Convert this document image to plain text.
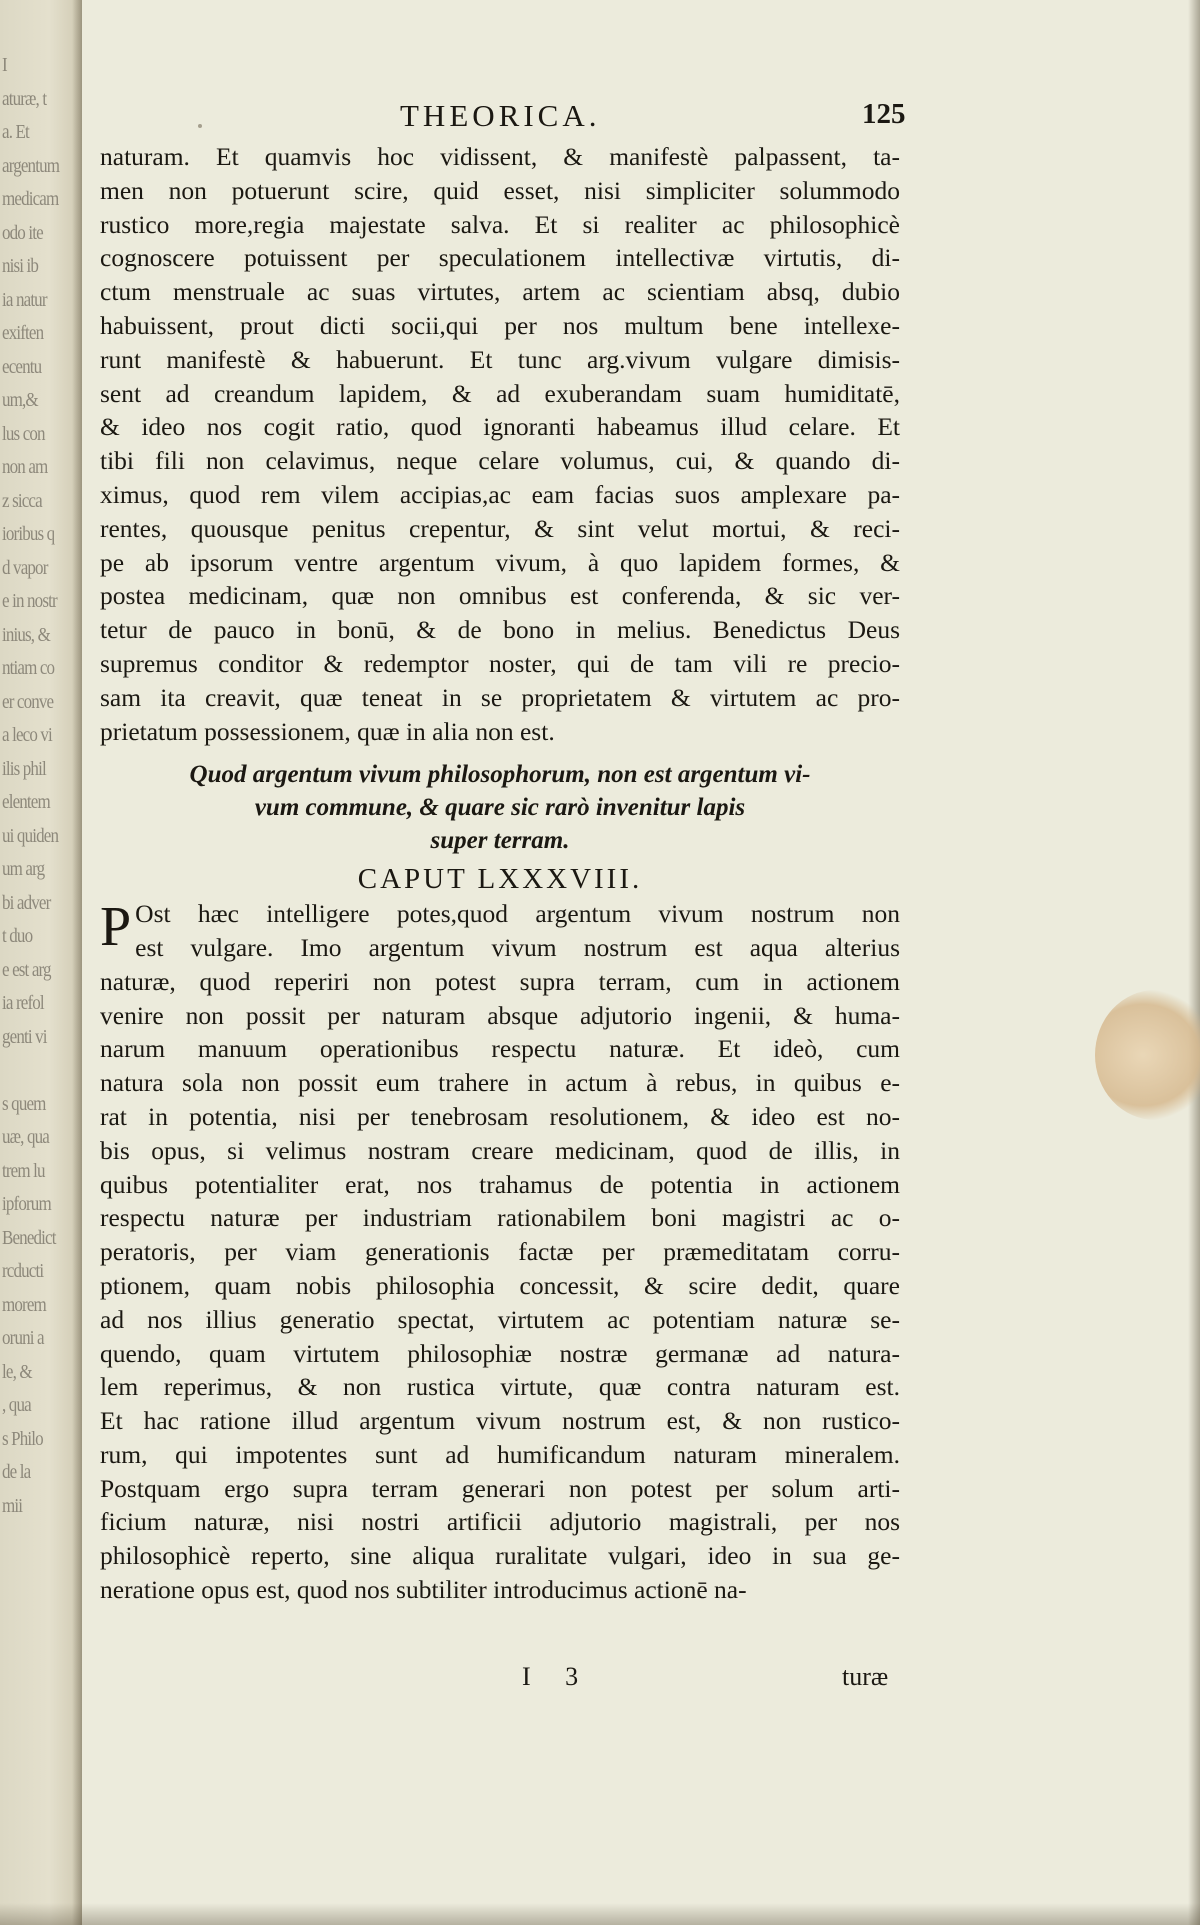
I
aturæ, t
a. Et
argentum
medicam
odo ite
nisi ib
ia natur
exiften
ecentu
um,&
lus con
non am
z sicca
ioribus q
d vapor
e in nostr
inius, &
ntiam co
er conve
a leco vi
ilis phil
elentem
ui quiden
um arg
bi adver
t duo
e est arg
ia refol
genti vi
s quem
uæ, qua
trem lu
ipforum
Benedict
rcducti
morem
oruni a
le, &
, qua
s Philo
de la
mii
THEORICA.	125
naturam. Et quamvis hoc vidissent, & manifestè palpassent, ta-
men non potuerunt scire, quid esset, nisi simpliciter solummodo
rustico more,regia majestate salva. Et si realiter ac philosophicè
cognoscere potuissent per speculationem intellectivæ virtutis, di-
ctum menstruale ac suas virtutes, artem ac scientiam absq, dubio
habuissent, prout dicti socii,qui per nos multum bene intellexe-
runt manifestè & habuerunt. Et tunc arg.vivum vulgare dimisis-
sent ad creandum lapidem, & ad exuberandam suam humiditatē,
& ideo nos cogit ratio, quod ignoranti habeamus illud celare. Et
tibi fili non celavimus, neque celare volumus, cui, & quando di-
ximus, quod rem vilem accipias,ac eam facias suos amplexare pa-
rentes, quousque penitus crepentur, & sint velut mortui, & reci-
pe ab ipsorum ventre argentum vivum, à quo lapidem formes, &
postea medicinam, quæ non omnibus est conferenda, & sic ver-
tetur de pauco in bonū, & de bono in melius. Benedictus Deus
supremus conditor & redemptor noster, qui de tam vili re precio-
sam ita creavit, quæ teneat in se proprietatem & virtutem ac pro-
prietatum possessionem, quæ in alia non est.
Quod argentum vivum philosophorum, non est argentum vi-
vum commune, & quare sic rarò invenitur lapis
super terram.
CAPUT LXXXVIII.
P Ost hæc intelligere potes,quod argentum vivum nostrum non
est vulgare. Imo argentum vivum nostrum est aqua alterius
naturæ, quod reperiri non potest supra terram, cum in actionem
venire non possit per naturam absque adjutorio ingenii, & huma-
narum manuum operationibus respectu naturæ. Et ideò, cum
natura sola non possit eum trahere in actum à rebus, in quibus e-
rat in potentia, nisi per tenebrosam resolutionem, & ideo est no-
bis opus, si velimus nostram creare medicinam, quod de illis, in
quibus potentialiter erat, nos trahamus de potentia in actionem
respectu naturæ per industriam rationabilem boni magistri ac o-
peratoris, per viam generationis factæ per præmeditatam corru-
ptionem, quam nobis philosophia concessit, & scire dedit, quare
ad nos illius generatio spectat, virtutem ac potentiam naturæ se-
quendo, quam virtutem philosophiæ nostræ germanæ ad natura-
lem reperimus, & non rustica virtute, quæ contra naturam est.
Et hac ratione illud argentum vivum nostrum est, & non rustico-
rum, qui impotentes sunt ad humificandum naturam mineralem.
Postquam ergo supra terram generari non potest per solum arti-
ficium naturæ, nisi nostri artificii adjutorio magistrali, per nos
philosophicè reperto, sine aliqua ruralitate vulgari, ideo in sua ge-
neratione opus est, quod nos subtiliter introducimus actionē na-
I 3	turæ
